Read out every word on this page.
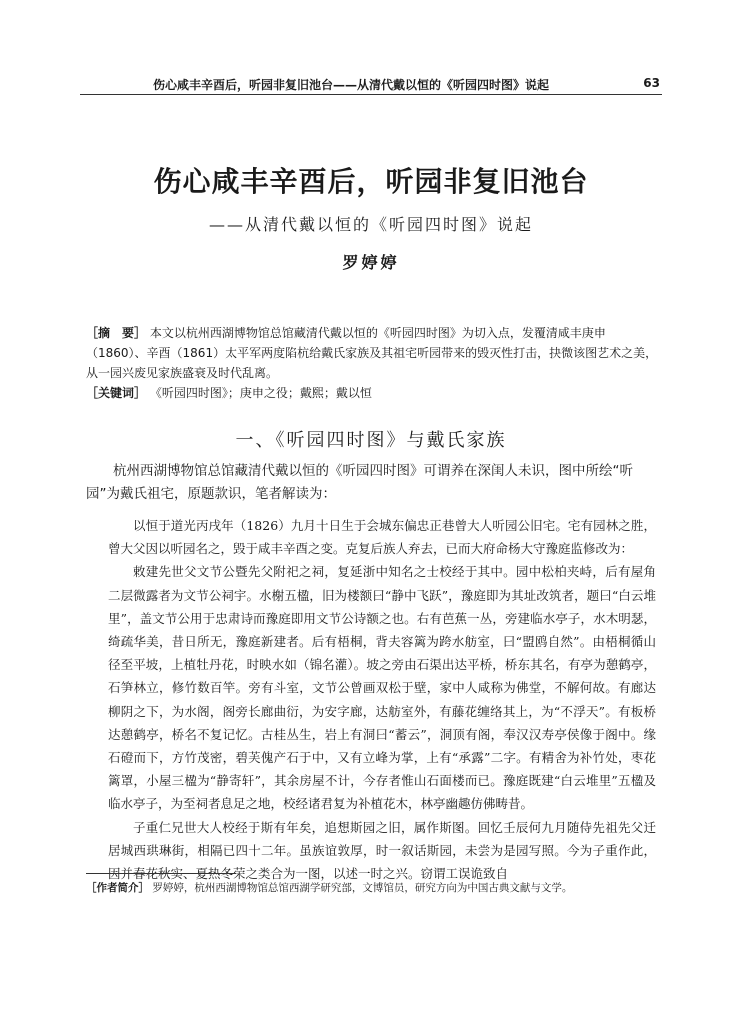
伤心咸丰辛酉后，听园非复旧池台——从清代戴以恒的《听园四时图》说起	63
伤心咸丰辛酉后，听园非复旧池台
——从清代戴以恒的《听园四时图》说起
罗婷婷
［摘　要］ 本文以杭州西湖博物馆总馆藏清代戴以恒的《听园四时图》为切入点，发覆清咸丰庚申（1860）、辛酉（1861）太平军两度陷杭给戴氏家族及其祖宅听园带来的毁灭性打击，抉微该图艺术之美，从一园兴废见家族盛衰及时代乱离。
［关键词］ 《听园四时图》；庚申之役；戴熙；戴以恒
一、《听园四时图》与戴氏家族
杭州西湖博物馆总馆藏清代戴以恒的《听园四时图》可谓养在深闺人未识，图中所绘“听园”为戴氏祖宅，原题款识，笔者解读为：

以恒于道光丙戌年（1826）九月十日生于会城东偏忠正巷曾大人听园公旧宅。宅有园林之胜，曾大父因以听园名之，毁于咸丰辛酉之变。克复后族人弃去，已而大府命杨大守豫庭监修改为：

敕建先世父文节公暨先父附祀之祠，复延浙中知名之士校经于其中。园中松柏夹峙，后有屋角二层微露者为文节公祠宇。水榭五楹，旧为楼额曰“静中飞跃”，豫庭即为其址改筑者，题曰“白云堆里”，盖文节公用于忠肃诗而豫庭即用文节公诗额之也。右有芭蕉一丛，旁建临水亭子，水木明瑟，绮疏华美，昔日所无，豫庭新建者。后有梧桐，背夫容篱为跨水舫室，曰“盟鸥自然”。由梧桐循山径至平坡，上植牡丹花，时映水如（锦名灌）。坡之旁由石渠出达平桥，桥东其名，有亭为憩鹤亭，石笋林立，修竹数百竿。旁有斗室，文节公曾画双松于壁，家中人咸称为佛堂，不解何故。有廊达柳阴之下，为水阁，阁旁长廊曲衍，为安字廊，达舫室外，有藤花缠络其上，为“不浮天”。有板桥达憩鹤亭，桥名不复记忆。古桂丛生，岩上有洞曰“蓄云”，洞顶有阁，奉汉汉寿亭侯像于阁中。缘石磴而下，方竹茂密，碧芙傀产石于中，又有立峰为掌，上有“承露”二字。有精舍为补竹处，枣花篱罩，小屋三楹为“静寄轩”，其余房屋不计，今存者惟山石面楼而已。豫庭既建“白云堆里”五楹及临水亭子，为至祠者息足之地，校经诸君复为补植花木，林亭幽趣仿佛畴昔。

子重仁兄世大人校经于斯有年矣，追想斯园之旧，属作斯图。回忆壬辰何九月随侍先祖先父迁居城西珙琳街，相隔已四十二年。虽族谊敦厚，时一叙话斯园，未尝为是园写照。今为子重作此，因并春花秋实、夏热冬荣之类合为一图，以述一时之兴。窃谓工误诡致自

［作者简介］ 罗婷婷，杭州西湖博物馆总馆西湖学研究部，文博馆员，研究方向为中国古典文献与文学。
